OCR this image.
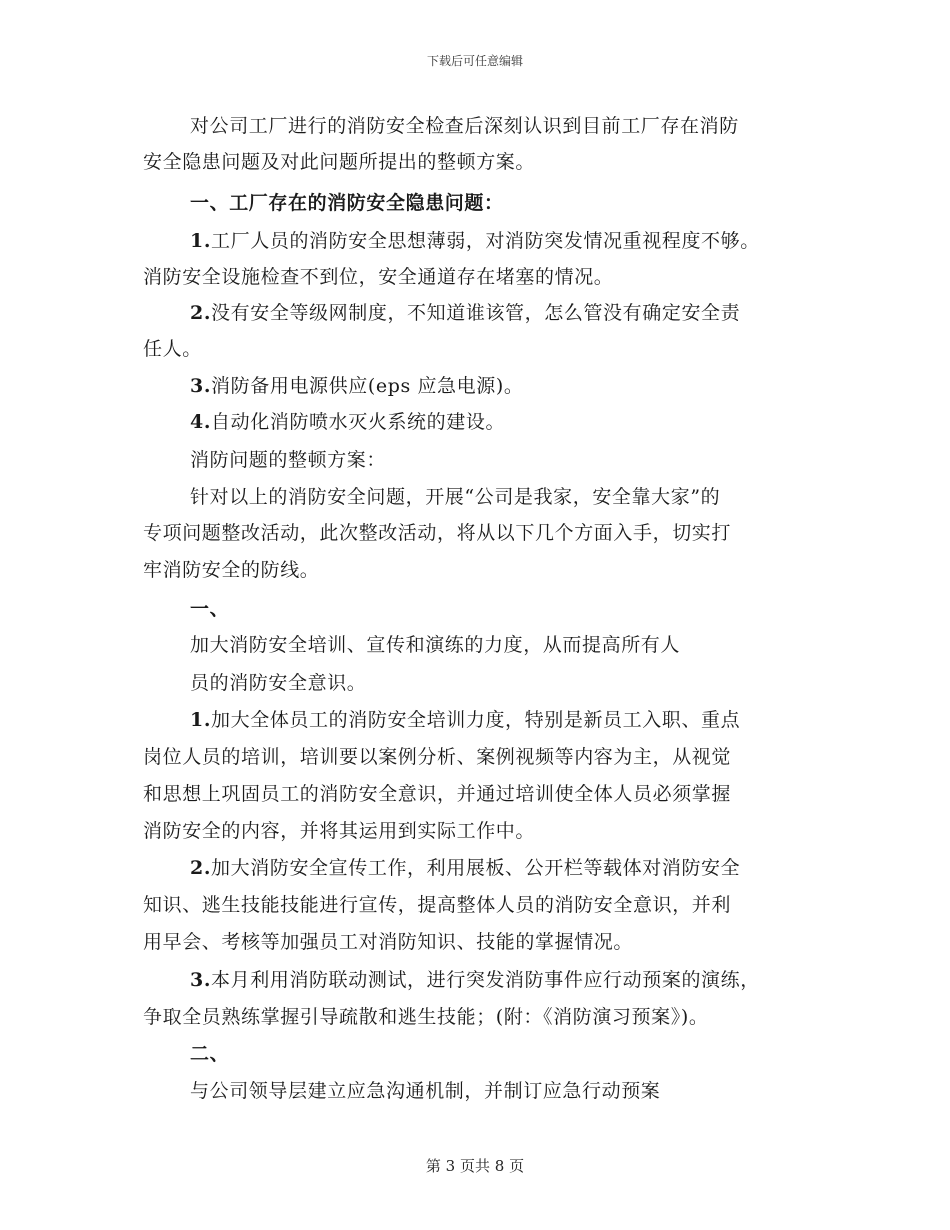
下载后可任意编辑
对公司工厂进行的消防安全检查后深刻认识到目前工厂存在消防
安全隐患问题及对此问题所提出的整顿方案。
一、工厂存在的消防安全隐患问题：
1.工厂人员的消防安全思想薄弱，对消防突发情况重视程度不够。
消防安全设施检查不到位，安全通道存在堵塞的情况。
2.没有安全等级网制度，不知道谁该管，怎么管没有确定安全责
任人。
3.消防备用电源供应(eps 应急电源)。
4.自动化消防喷水灭火系统的建设。
消防问题的整顿方案：
针对以上的消防安全问题，开展“公司是我家，安全靠大家”的
专项问题整改活动，此次整改活动，将从以下几个方面入手，切实打
牢消防安全的防线。
一、
加大消防安全培训、宣传和演练的力度，从而提高所有人
员的消防安全意识。
1.加大全体员工的消防安全培训力度，特别是新员工入职、重点
岗位人员的培训，培训要以案例分析、案例视频等内容为主，从视觉
和思想上巩固员工的消防安全意识，并通过培训使全体人员必须掌握
消防安全的内容，并将其运用到实际工作中。
2.加大消防安全宣传工作，利用展板、公开栏等载体对消防安全
知识、逃生技能技能进行宣传，提高整体人员的消防安全意识，并利
用早会、考核等加强员工对消防知识、技能的掌握情况。
3.本月利用消防联动测试，进行突发消防事件应行动预案的演练，
争取全员熟练掌握引导疏散和逃生技能；(附：《消防演习预案》)。
二、
与公司领导层建立应急沟通机制，并制订应急行动预案
第 3 页共 8 页
